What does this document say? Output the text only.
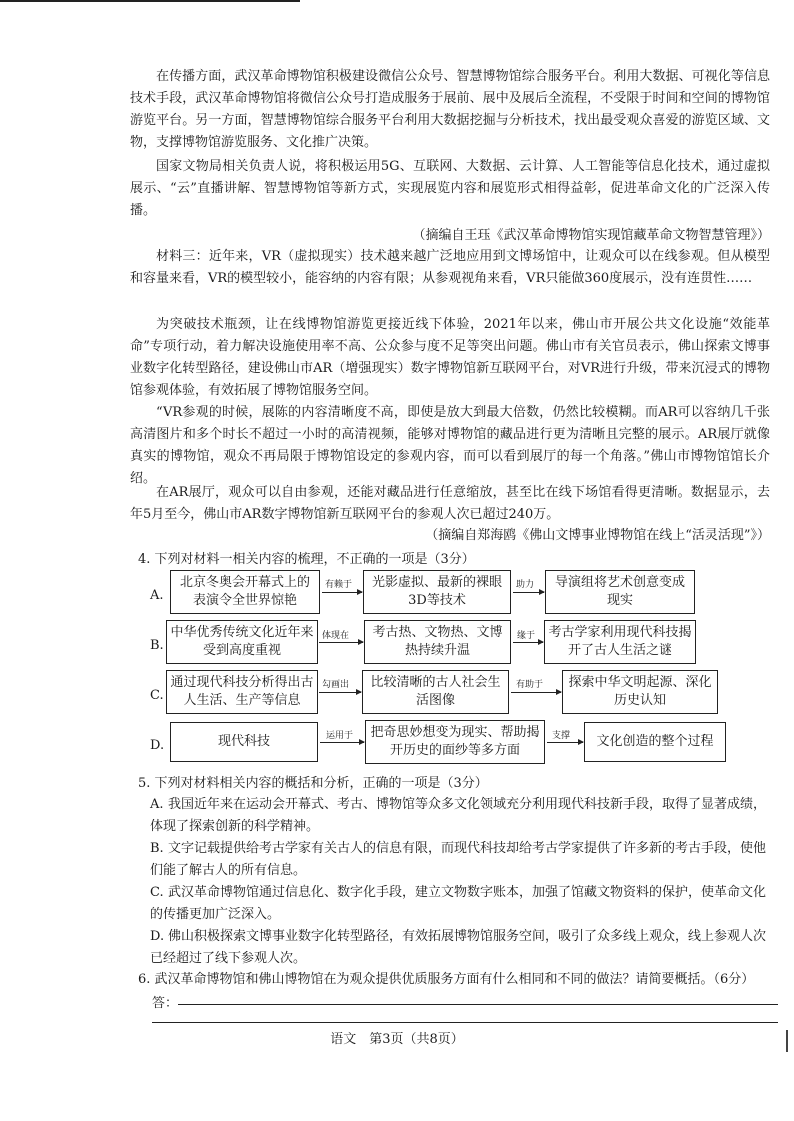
在传播方面，武汉革命博物馆积极建设微信公众号、智慧博物馆综合服务平台。利用大数据、可视化等信息技术手段，武汉革命博物馆将微信公众号打造成服务于展前、展中及展后全流程，不受限于时间和空间的博物馆游览平台。另一方面，智慧博物馆综合服务平台利用大数据挖掘与分析技术，找出最受观众喜爱的游览区域、文物，支撑博物馆游览服务、文化推广决策。

国家文物局相关负责人说，将积极运用5G、互联网、大数据、云计算、人工智能等信息化技术，通过虚拟展示、“云”直播讲解、智慧博物馆等新方式，实现展览内容和展览形式相得益彰，促进革命文化的广泛深入传播。

（摘编自王珏《武汉革命博物馆实现馆藏革命文物智慧管理》）

材料三：近年来，VR（虚拟现实）技术越来越广泛地应用到文博场馆中，让观众可以在线参观。但从模型和容量来看，VR的模型较小，能容纳的内容有限；从参观视角来看，VR只能做360度展示，没有连贯性……

为突破技术瓶颈，让在线博物馆游览更接近线下体验，2021年以来，佛山市开展公共文化设施“效能革命”专项行动，着力解决设施使用率不高、公众参与度不足等突出问题。佛山市有关官员表示，佛山探索文博事业数字化转型路径，建设佛山市AR（增强现实）数字博物馆新互联网平台，对VR进行升级，带来沉浸式的博物馆参观体验，有效拓展了博物馆服务空间。

“VR参观的时候，展陈的内容清晰度不高，即使是放大到最大倍数，仍然比较模糊。而AR可以容纳几千张高清图片和多个时长不超过一小时的高清视频，能够对博物馆的藏品进行更为清晰且完整的展示。AR展厅就像真实的博物馆，观众不再局限于博物馆设定的参观内容，而可以看到展厅的每一个角落。”佛山市博物馆馆长介绍。

在AR展厅，观众可以自由参观，还能对藏品进行任意缩放，甚至比在线下场馆看得更清晰。数据显示，去年5月至今，佛山市AR数字博物馆新互联网平台的参观人次已超过240万。

（摘编自郑海鸥《佛山文博事业博物馆在线上“活灵活现”》）
4. 下列对材料一相关内容的梳理，不正确的一项是（3分）
A.
北京冬奥会开幕式上的表演令全世界惊艳
有赖于	光影虚拟、最新的裸眼3D等技术
助力	导演组将艺术创意变成现实
B.
中华优秀传统文化近年来受到高度重视
体现在	考古热、文物热、文博热持续升温
缘于	考古学家利用现代科技揭开了古人生活之谜
C.
通过现代科技分析得出古人生活、生产等信息
勾画出	比较清晰的古人社会生活图像
有助于	探索中华文明起源、深化历史认知
D.	现代科技	运用于	把奇思妙想变为现实、帮助揭开历史的面纱等多方面
支撑	文化创造的整个过程
5. 下列对材料相关内容的概括和分析，正确的一项是（3分）
A. 我国近年来在运动会开幕式、考古、博物馆等众多文化领域充分利用现代科技新手段，取得了显著成绩，体现了探索创新的科学精神。
B. 文字记载提供给考古学家有关古人的信息有限，而现代科技却给考古学家提供了许多新的考古手段，使他们能了解古人的所有信息。
C. 武汉革命博物馆通过信息化、数字化手段，建立文物数字账本，加强了馆藏文物资料的保护，使革命文化的传播更加广泛深入。
D. 佛山积极探索文博事业数字化转型路径，有效拓展博物馆服务空间，吸引了众多线上观众，线上参观人次已经超过了线下参观人次。
6. 武汉革命博物馆和佛山博物馆在为观众提供优质服务方面有什么相同和不同的做法？请简要概括。（6分）
答：
语文　第3页（共8页）
